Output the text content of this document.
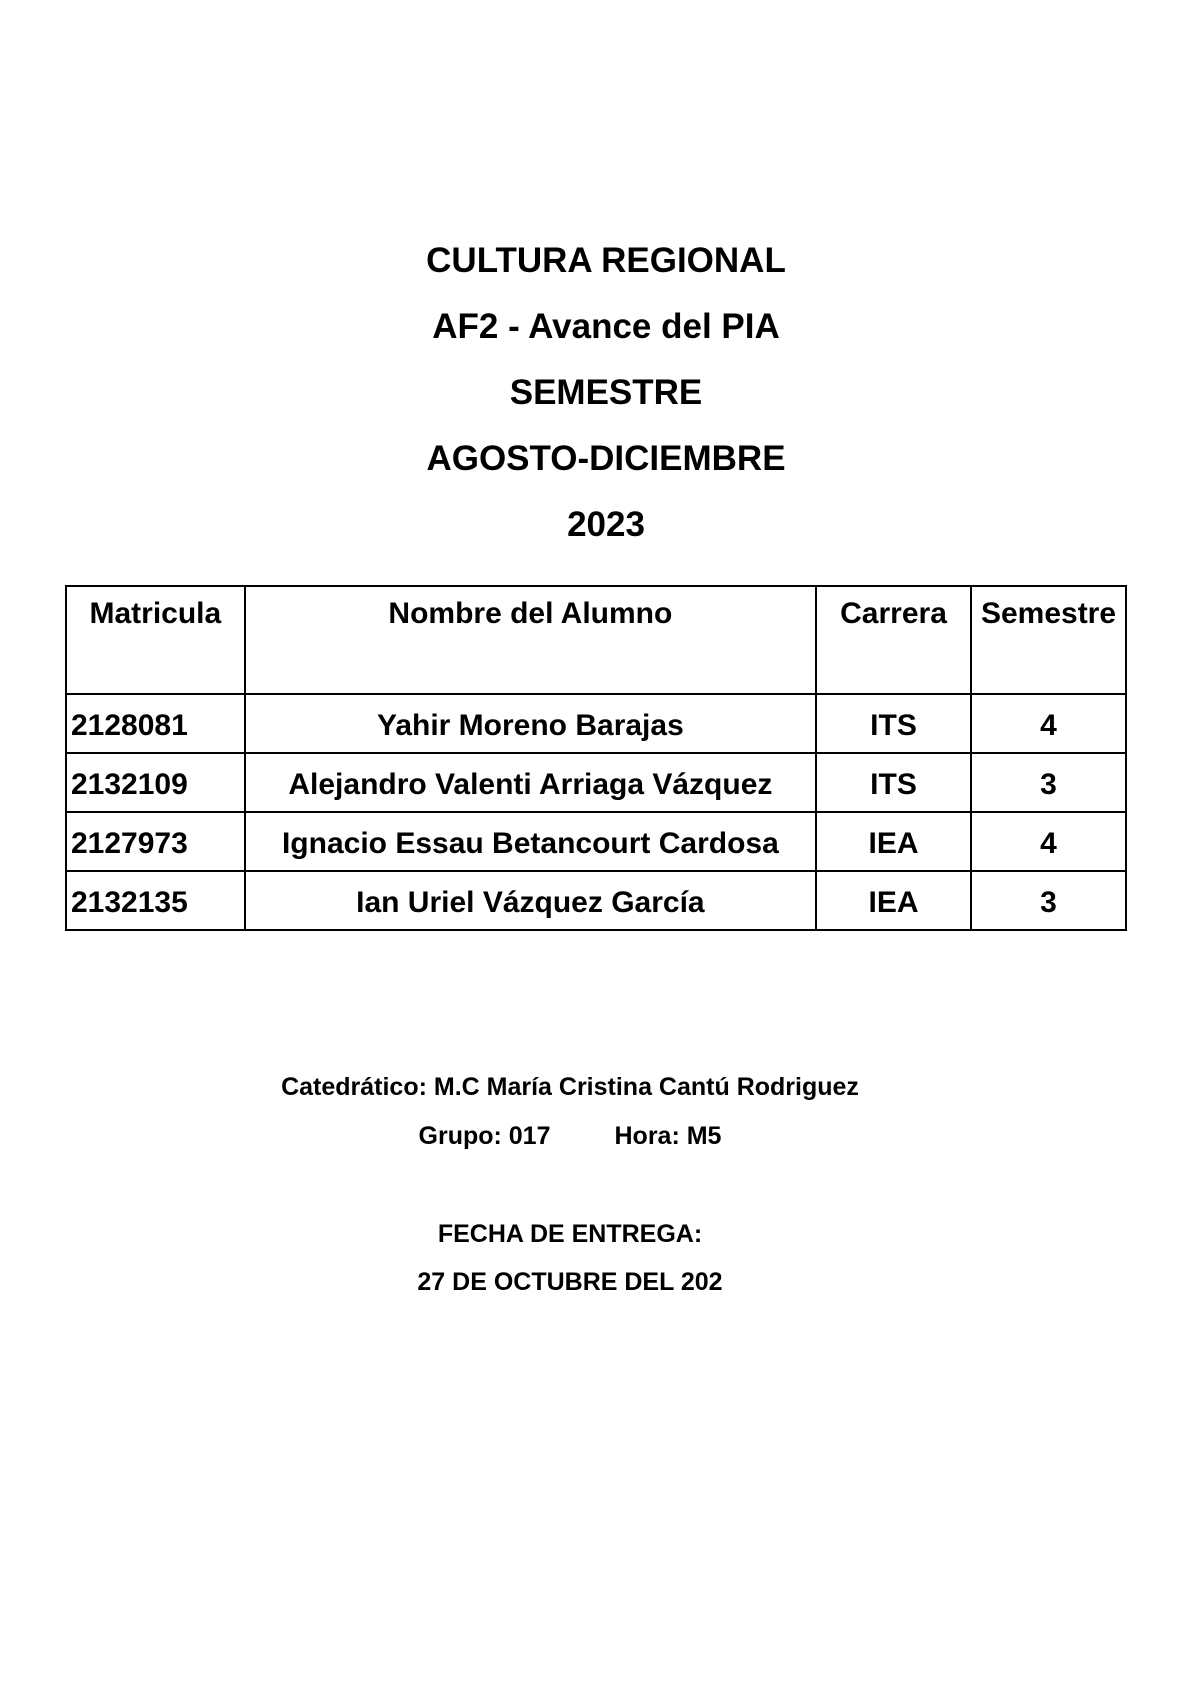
CULTURA REGIONAL
AF2 - Avance del PIA
SEMESTRE
AGOSTO-DICIEMBRE
2023
Matricula	Nombre del Alumno	Carrera	Semestre
2128081	Yahir Moreno Barajas	ITS	4
2132109	Alejandro Valenti Arriaga Vázquez	ITS	3
2127973	Ignacio Essau Betancourt Cardosa	IEA	4
2132135	Ian Uriel Vázquez García	IEA	3
Catedrático: M.C María Cristina Cantú Rodriguez
Grupo: 017	Hora: M5
FECHA DE ENTREGA:
27 DE OCTUBRE DEL 202
